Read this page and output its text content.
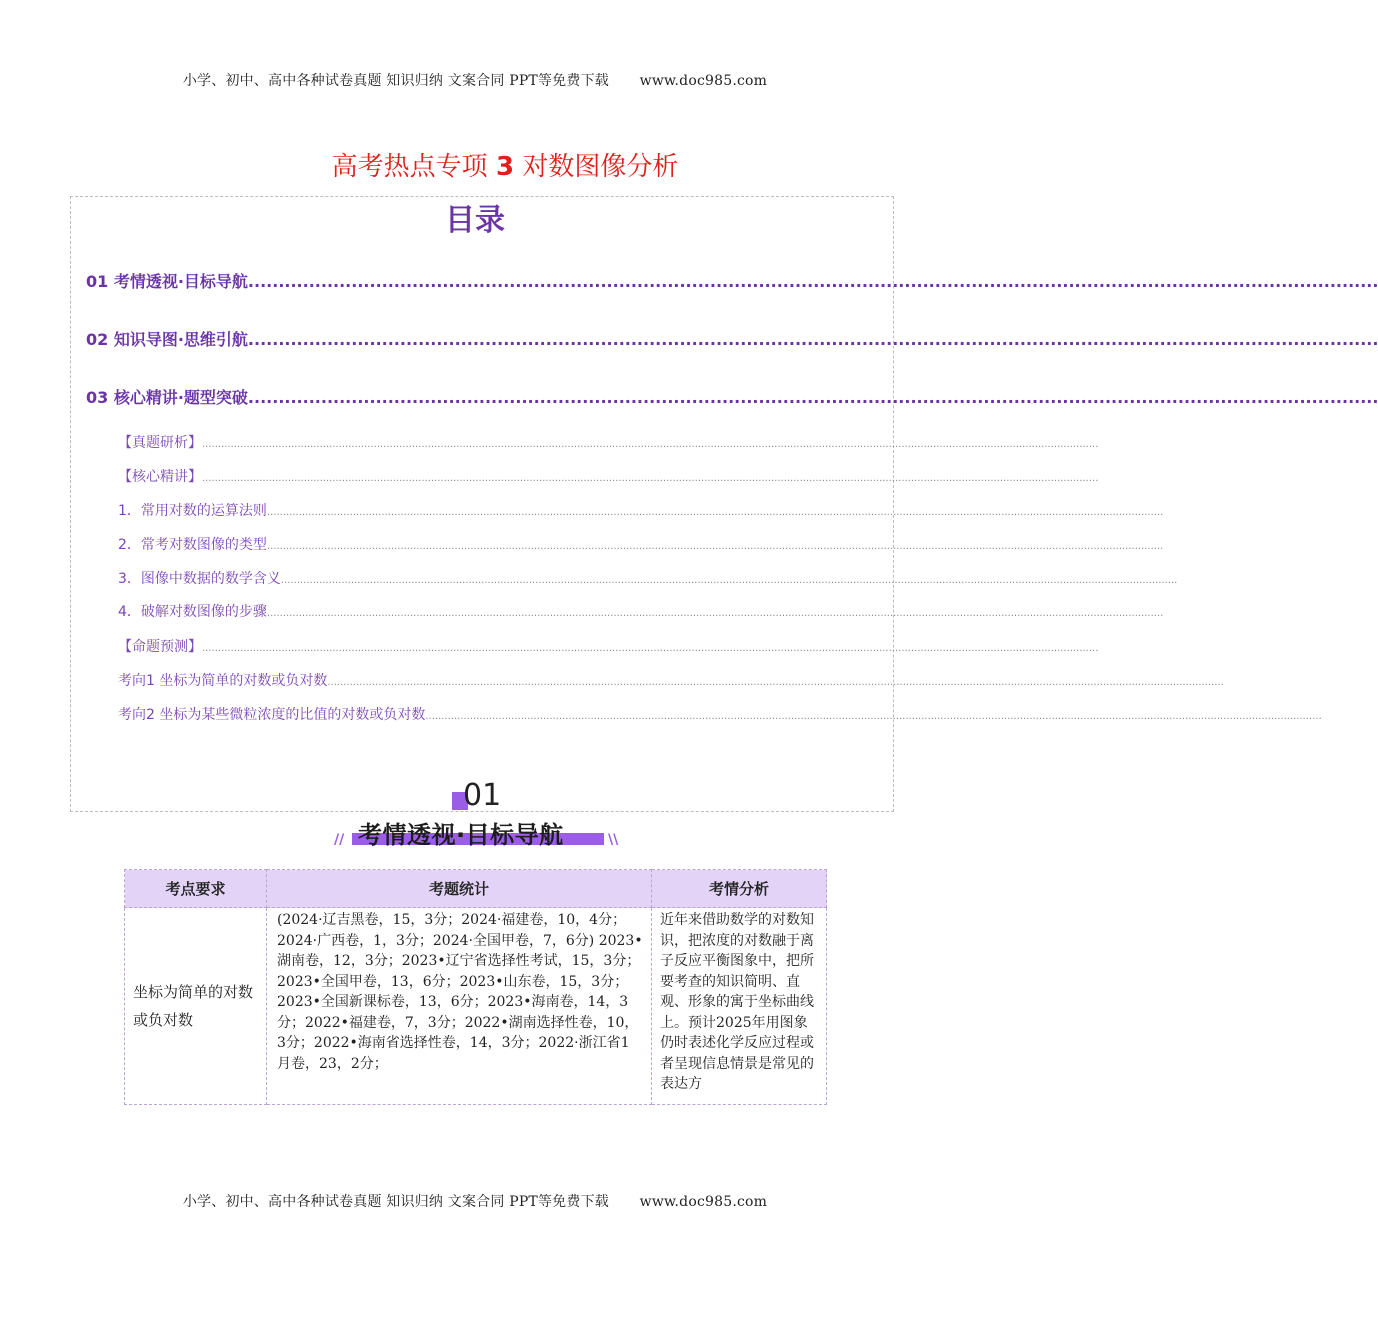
小学、初中、高中各种试卷真题 知识归纳 文案合同 PPT等免费下载 www.doc985.com
高考热点专项 3 对数图像分析
目录
01 考情透视·目标导航 ..........................................................................................................................................................................................
02 知识导图·思维引航 ..........................................................................................................................................................................................
03 核心精讲·题型突破 ..........................................................................................................................................................................................
【真题研析】 ..........................................................................................................................................................................................................................................................................................
【核心精讲】 ..........................................................................................................................................................................................................................................................................................
1．常用对数的运算法则 ..........................................................................................................................................................................................................................................................................................
2．常考对数图像的类型 ..........................................................................................................................................................................................................................................................................................
3．图像中数据的数学含义 ..........................................................................................................................................................................................................................................................................................
4．破解对数图像的步骤 ..........................................................................................................................................................................................................................................................................................
【命题预测】 ..........................................................................................................................................................................................................................................................................................
考向1 坐标为简单的对数或负对数 ..........................................................................................................................................................................................................................................................................................
考向2 坐标为某些微粒浓度的比值的对数或负对数 ..........................................................................................................................................................................................................................................................................................
01
// 考情透视·目标导航	\\
考点要求	考题统计	考情分析
坐标为简单的对数或负对数	(2024·辽吉黑卷，15，3分；2024·福建卷，10，4分；2024·广西卷，1，3分；2024·全国甲卷，7，6分) 2023•湖南卷，12，3分；2023•辽宁省选择性考试，15，3分；2023•全国甲卷，13，6分；2023•山东卷，15，3分；2023•全国新课标卷，13，6分；2023•海南卷，14，3分；2022•福建卷，7，3分；2022•湖南选择性卷，10，3分；2022•海南省选择性卷，14，3分；2022·浙江省1月卷，23，2分；	近年来借助数学的对数知识，把浓度的对数融于离子反应平衡图象中，把所要考查的知识简明、直观、形象的寓于坐标曲线上。预计2025年用图象仍时表述化学反应过程或者呈现信息情景是常见的表达方
小学、初中、高中各种试卷真题 知识归纳 文案合同 PPT等免费下载 www.doc985.com
